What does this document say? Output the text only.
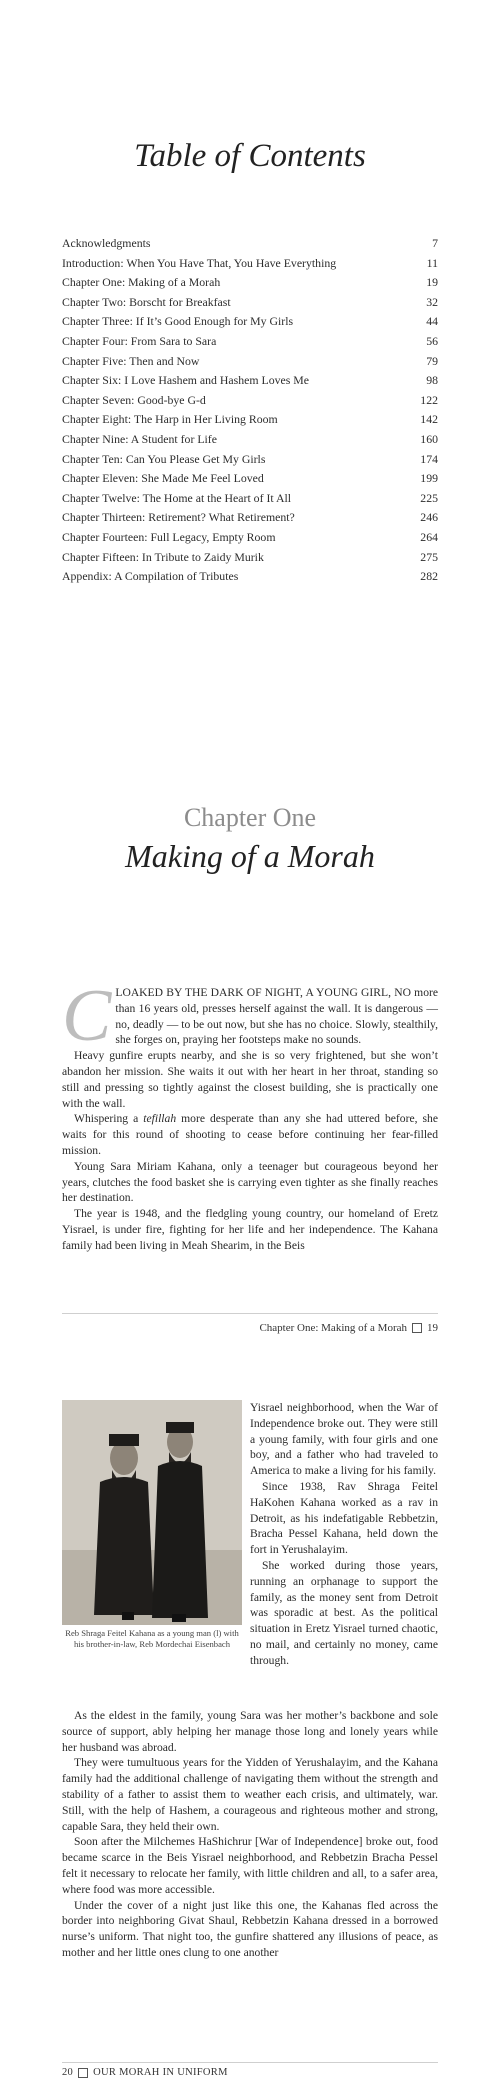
Table of Contents
Acknowledgments	7
Introduction: When You Have That, You Have Everything	11
Chapter One: Making of a Morah	19
Chapter Two: Borscht for Breakfast	32
Chapter Three: If It’s Good Enough for My Girls	44
Chapter Four: From Sara to Sara	56
Chapter Five: Then and Now	79
Chapter Six: I Love Hashem and Hashem Loves Me	98
Chapter Seven: Good-bye G-d	122
Chapter Eight: The Harp in Her Living Room	142
Chapter Nine: A Student for Life	160
Chapter Ten: Can You Please Get My Girls	174
Chapter Eleven: She Made Me Feel Loved	199
Chapter Twelve: The Home at the Heart of It All	225
Chapter Thirteen: Retirement? What Retirement?	246
Chapter Fourteen: Full Legacy, Empty Room	264
Chapter Fifteen: In Tribute to Zaidy Murik	275
Appendix: A Compilation of Tributes	282
Chapter One
Making of a Morah

CLOAKED BY THE DARK OF NIGHT, A YOUNG GIRL, NO more than 16 years old, presses herself against the wall. It is dangerous — no, deadly — to be out now, but she has no choice. Slowly, stealthily, she forges on, praying her footsteps make no sounds.

Heavy gunfire erupts nearby, and she is so very frightened, but she won’t abandon her mission. She waits it out with her heart in her throat, standing so still and pressing so tightly against the closest building, she is practically one with the wall.

Whispering a tefillah more desperate than any she had uttered before, she waits for this round of shooting to cease before continuing her fear-filled mission.

Young Sara Miriam Kahana, only a teenager but courageous beyond her years, clutches the food basket she is carrying even tighter as she finally reaches her destination.

The year is 1948, and the fledgling young country, our homeland of Eretz Yisrael, is under fire, fighting for her life and her independence. The Kahana family had been living in Meah Shearim, in the Beis

Chapter One: Making of a Morah 19
Reb Shraga Feitel Kahana as a young man (l) with his brother-in-law, Reb Mordechai Eisenbach

Yisrael neighborhood, when the War of Independence broke out. They were still a young family, with four girls and one boy, and a father who had traveled to America to make a living for his family.

Since 1938, Rav Shraga Feitel HaKohen Kahana worked as a rav in Detroit, as his indefatigable Rebbetzin, Bracha Pessel Kahana, held down the fort in Yerushalayim.

She worked during those years, running an orphanage to support the family, as the money sent from Detroit was sporadic at best. As the political situation in Eretz Yisrael turned chaotic, no mail, and certainly no money, came through.

As the eldest in the family, young Sara was her mother’s backbone and sole source of support, ably helping her manage those long and lonely years while her husband was abroad.

They were tumultuous years for the Yidden of Yerushalayim, and the Kahana family had the additional challenge of navigating them without the strength and stability of a father to assist them to weather each crisis, and ultimately, war. Still, with the help of Hashem, a courageous and righteous mother and strong, capable Sara, they held their own.

Soon after the Milchemes HaShichrur [War of Independence] broke out, food became scarce in the Beis Yisrael neighborhood, and Rebbetzin Bracha Pessel felt it necessary to relocate her family, with little children and all, to a safer area, where food was more accessible.

Under the cover of a night just like this one, the Kahanas fled across the border into neighboring Givat Shaul, Rebbetzin Kahana dressed in a borrowed nurse’s uniform. That night too, the gunfire shattered any illusions of peace, as mother and her little ones clung to one another

20 OUR MORAH IN UNIFORM
